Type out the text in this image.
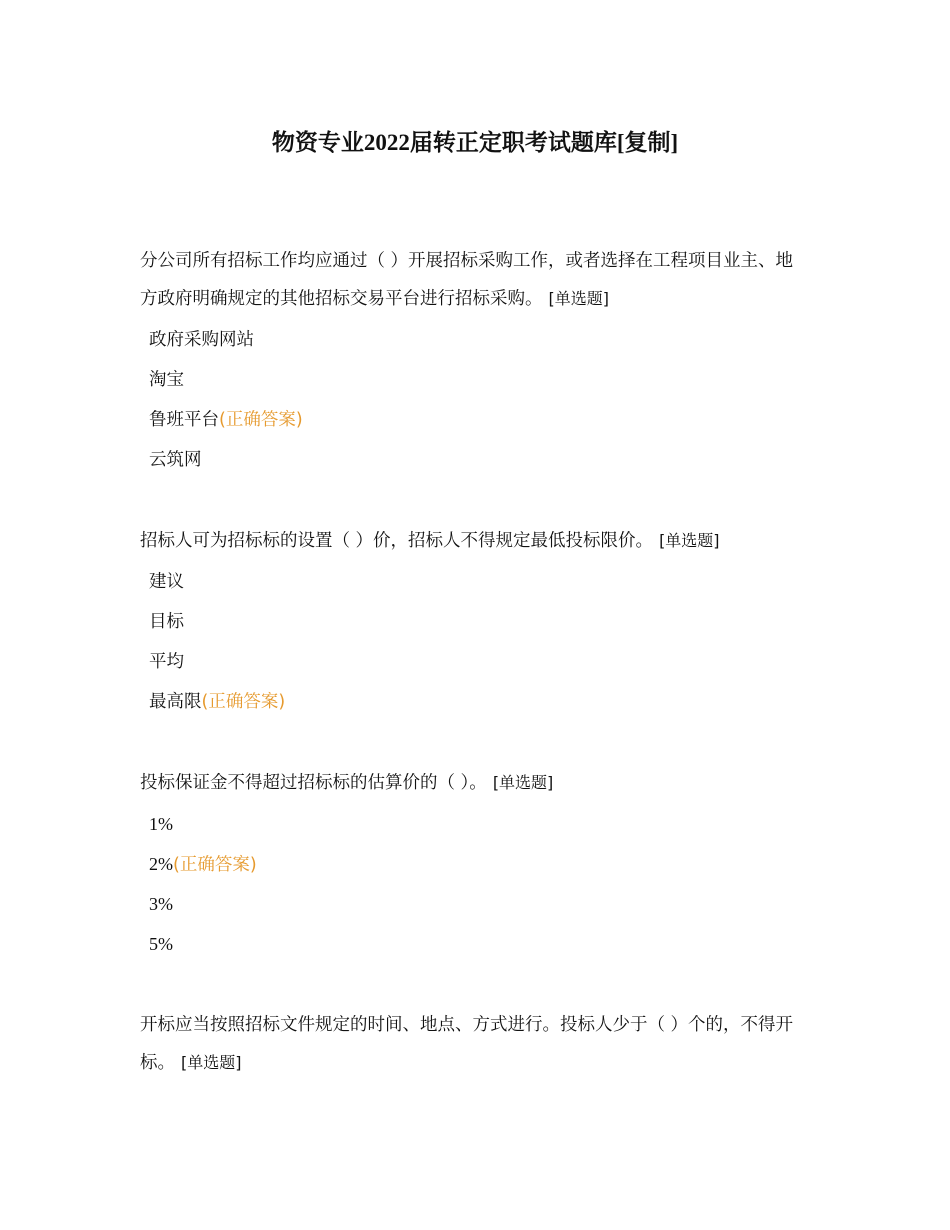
物资专业2022届转正定职考试题库[复制]

分公司所有招标工作均应通过（ ）开展招标采购工作，或者选择在工程项目业主、地方政府明确规定的其他招标交易平台进行招标采购。 [单选题]

政府采购网站
淘宝
鲁班平台(正确答案)
云筑网

招标人可为招标标的设置（ ）价，招标人不得规定最低投标限价。 [单选题]

建议
目标
平均
最高限(正确答案)

投标保证金不得超过招标标的估算价的（ ）。 [单选题]

1%
2%(正确答案)
3%
5%

开标应当按照招标文件规定的时间、地点、方式进行。投标人少于（ ）个的，不得开标。 [单选题]
